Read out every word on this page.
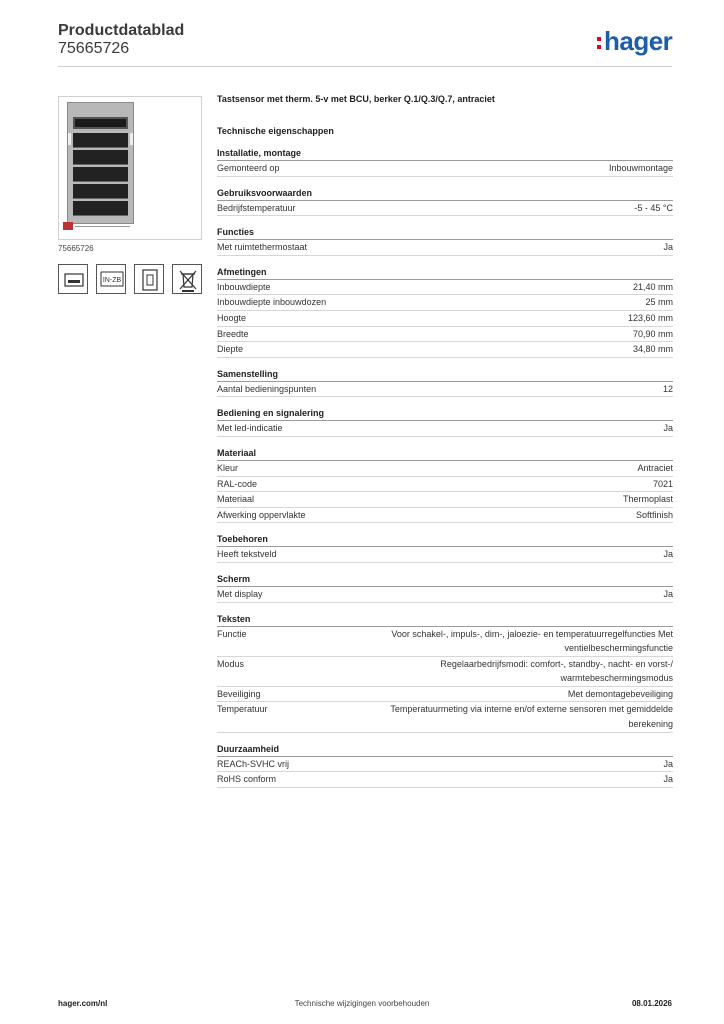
Productdatablad
75665726	hager
75665726
IN-ZB
Tastsensor met therm. 5-v met BCU, berker Q.1/Q.3/Q.7, antraciet
Technische eigenschappen
Installatie, montage
Gemonteerd op	Inbouwmontage
Gebruiksvoorwaarden
Bedrijfstemperatuur	-5 - 45 °C
Functies
Met ruimtethermostaat	Ja
Afmetingen
Inbouwdiepte	21,40 mm
Inbouwdiepte inbouwdozen	25 mm
Hoogte	123,60 mm
Breedte	70,90 mm
Diepte	34,80 mm
Samenstelling
Aantal bedieningspunten	12
Bediening en signalering
Met led-indicatie	Ja
Materiaal
Kleur	Antraciet
RAL-code	7021
Materiaal	Thermoplast
Afwerking oppervlakte	Softfinish
Toebehoren
Heeft tekstveld	Ja
Scherm
Met display	Ja
Teksten
Functie	Voor schakel-, impuls-, dim-, jaloezie- en temperatuurregelfuncties Met ventielbeschermingsfunctie
Modus	Regelaarbedrijfsmodi: comfort-, standby-, nacht- en vorst-/ warmtebeschermingsmodus
Beveiliging	Met demontagebeveiliging
Temperatuur	Temperatuurmeting via interne en/of externe sensoren met gemiddelde berekening
Duurzaamheid
REACh-SVHC vrij	Ja
RoHS conform	Ja
hager.com/nl	Technische wijzigingen voorbehouden	08.01.2026
